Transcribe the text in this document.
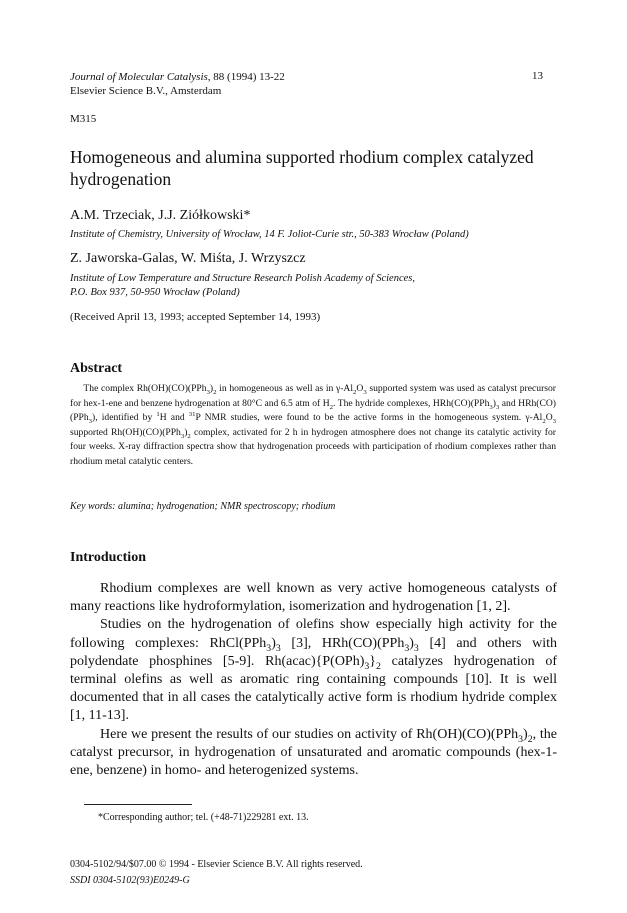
Journal of Molecular Catalysis, 88 (1994) 13-22
Elsevier Science B.V., Amsterdam
13
M315
Homogeneous and alumina supported rhodium complex catalyzed hydrogenation
A.M. Trzeciak, J.J. Ziółkowski*
Institute of Chemistry, University of Wrocław, 14 F. Joliot-Curie str., 50-383 Wrocław (Poland)
Z. Jaworska-Galas, W. Miśta, J. Wrzyszcz
Institute of Low Temperature and Structure Research Polish Academy of Sciences,
P.O. Box 937, 50-950 Wrocław (Poland)
(Received April 13, 1993; accepted September 14, 1993)
Abstract
The complex $Rh(OH)(CO)(PPh_3)_2$ in homogeneous as well as in $\gamma-Al_2O_3$ supported system was used as catalyst precursor for hex-1-ene and benzene hydrogenation at 80°C and 6.5 atm of $H_2$. The hydride complexes, $HRh(CO)(PPh_3)_3$ and HRh(CO)(PPh$_3$), identified by $^1$H and $^{31}$P NMR studies, were found to be the active forms in the homogeneous system. $\gamma-Al_2O_3$ supported $Rh(OH)(CO)(PPh_3)_2$ complex, activated for 2 h in hydrogen atmosphere does not change its catalytic activity for four weeks. X-ray diffraction spectra show that hydrogenation proceeds with participation of rhodium complexes rather than rhodium metal catalytic centers.
Key words: alumina; hydrogenation; NMR spectroscopy; rhodium
Introduction

Rhodium complexes are well known as very active homogeneous catalysts of many reactions like hydroformylation, isomerization and hydrogenation [1, 2].

Studies on the hydrogenation of olefins show especially high activity for the following complexes: $RhCl(PPh_3)_3$ [3], $HRh(CO)(PPh_3)_3$ [4] and others with polydendate phosphines [5-9]. $Rh(acac)\{P(OPh)_3\}_2$ catalyzes hydrogenation of terminal olefins as well as aromatic ring containing compounds [10]. It is well documented that in all cases the catalytically active form is rhodium hydride complex [1, 11-13].

Here we present the results of our studies on activity of $Rh(OH)(CO)(PPh_3)_2$, the catalyst precursor, in hydrogenation of unsaturated and aromatic compounds (hex-1-ene, benzene) in homo- and heterogenized systems.

*Corresponding author; tel. (+48-71)229281 ext. 13.
0304-5102/94/$07.00 © 1994 - Elsevier Science B.V. All rights reserved.
SSDI 0304-5102(93)E0249-G
